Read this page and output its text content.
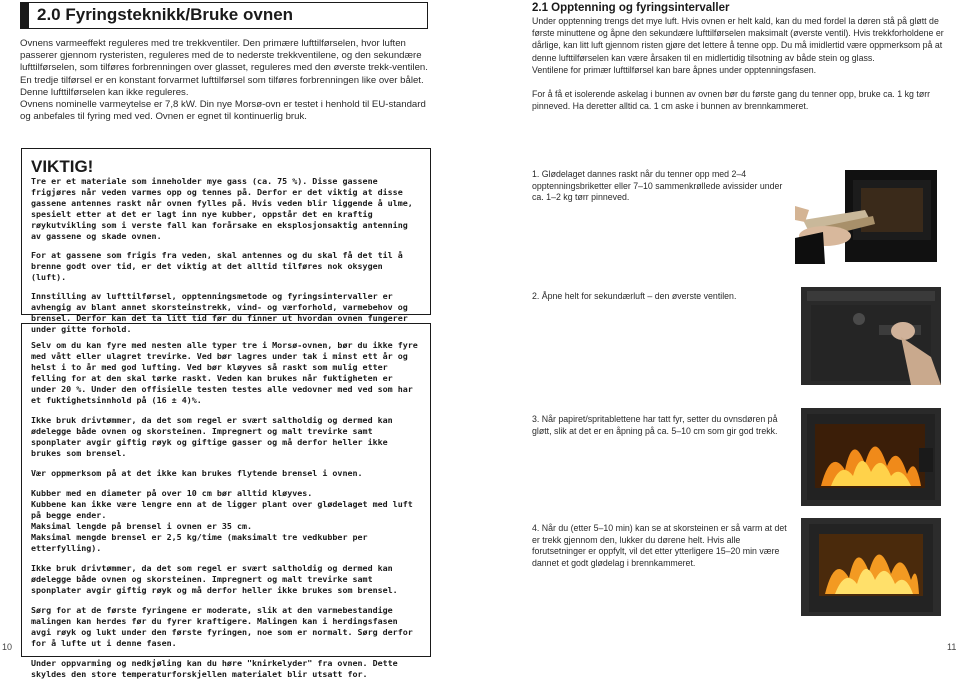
2.0 Fyringsteknikk/Bruke ovnen

Ovnens varmeeffekt reguleres med tre trekkventiler. Den primære lufttilførselen, hvor luften passerer gjennom rysteristen, reguleres med de to nederste trekkventilene, og den sekundære lufttilførselen, som tilføres forbrenningen over glasset, reguleres med den øverste trekk-ventilen.

En tredje tilførsel er en konstant forvarmet lufttilførsel som tilføres forbrenningen like over bålet. Denne lufttilførselen kan ikke reguleres.

Ovnens nominelle varmeytelse er 7,8 kW. Din nye Morsø-ovn er testet i henhold til EU-standard og anbefales til fyring med ved. Ovnen er egnet til kontinuerlig bruk.

VIKTIG!

Tre er et materiale som inneholder mye gass (ca. 75 %). Disse gassene frigjøres når veden varmes opp og tennes på. Derfor er det viktig at disse gassene antennes raskt når ovnen fylles på. Hvis veden blir liggende å ulme, spesielt etter at det er lagt inn nye kubber, oppstår det en kraftig røykutvikling som i verste fall kan forårsake en eksplosjonsaktig antenning av gassene og skade ovnen.

For at gassene som frigis fra veden, skal antennes og du skal få det til å brenne godt over tid, er det viktig at det alltid tilføres nok oksygen (luft).

Innstilling av lufttilførsel, opptenningsmetode og fyringsintervaller er avhengig av blant annet skorsteinstrekk, vind- og værforhold, varmebehov og brensel. Derfor kan det ta litt tid før du finner ut hvordan ovnen fungerer under gitte forhold.

Selv om du kan fyre med nesten alle typer tre i Morsø-ovnen, bør du ikke fyre med vått eller ulagret trevirke. Ved bør lagres under tak i minst ett år og helst i to år med god lufting. Ved bør kløyves så raskt som mulig etter felling for at den skal tørke raskt. Veden kan brukes når fuktigheten er under 20 %. Under den offisielle testen testes alle vedovner med ved som har et fuktighetsinnhold på (16 ± 4)%.

Ikke bruk drivtømmer, da det som regel er svært saltholdig og dermed kan ødelegge både ovnen og skorsteinen. Impregnert og malt trevirke samt sponplater avgir giftig røyk og giftige gasser og må derfor heller ikke brukes som brensel.

Vær oppmerksom på at det ikke kan brukes flytende brensel i ovnen.

Kubber med en diameter på over 10 cm bør alltid kløyves.
Kubbene kan ikke være lengre enn at de ligger plant over glødelaget med luft på begge ender.
Maksimal lengde på brensel i ovnen er 35 cm.
Maksimal mengde brensel er 2,5 kg/time (maksimalt tre vedkubber per etterfylling).

Ikke bruk drivtømmer, da det som regel er svært saltholdig og dermed kan ødelegge både ovnen og skorsteinen. Impregnert og malt trevirke samt sponplater avgir giftig røyk og må derfor heller ikke brukes som brensel.

Sørg for at de første fyringene er moderate, slik at den varmebestandige malingen kan herdes før du fyrer kraftigere. Malingen kan i herdingsfasen avgi røyk og lukt under den første fyringen, noe som er normalt. Sørg derfor for å lufte ut i denne fasen.

Under oppvarming og nedkjøling kan du høre "knirkelyder" fra ovnen. Dette skyldes den store temperaturforskjellen materialet blir utsatt for.

10
2.1 Opptenning og fyringsintervaller

Under opptenning trengs det mye luft. Hvis ovnen er helt kald, kan du med fordel la døren stå på gløtt de første minuttene og åpne den sekundære lufttilførselen maksimalt (øverste ventil). Hvis trekkforholdene er dårlige, kan litt luft gjennom risten gjøre det lettere å tenne opp. Du må imidlertid være oppmerksom på at denne lufttilførselen kan være årsaken til en midlertidig tilsotning av både stein og glass.

Ventilene for primær lufttilførsel kan bare åpnes under opptenningsfasen.

For å få et isolerende askelag i bunnen av ovnen bør du første gang du tenner opp, bruke ca. 1 kg tørr pinneved. Ha deretter alltid ca. 1 cm aske i bunnen av brennkammeret.

1. Glødelaget dannes raskt når du tenner opp med 2–4 opptenningsbriketter eller 7–10 sammenkrøllede avissider under ca. 1–2 kg tørr pinneved.
2. Åpne helt for sekundærluft – den øverste ventilen.
3. Når papiret/spritablettene har tatt fyr, setter du ovnsdøren på gløtt, slik at det er en åpning på ca. 5–10 cm som gir god trekk.
4. Når du (etter 5–10 min) kan se at skorsteinen er så varm at det er trekk gjennom den, lukker du dørene helt. Hvis alle forutsetninger er oppfylt, vil det etter ytterligere 15–20 min være dannet et godt glødelag i brennkammeret.
11
